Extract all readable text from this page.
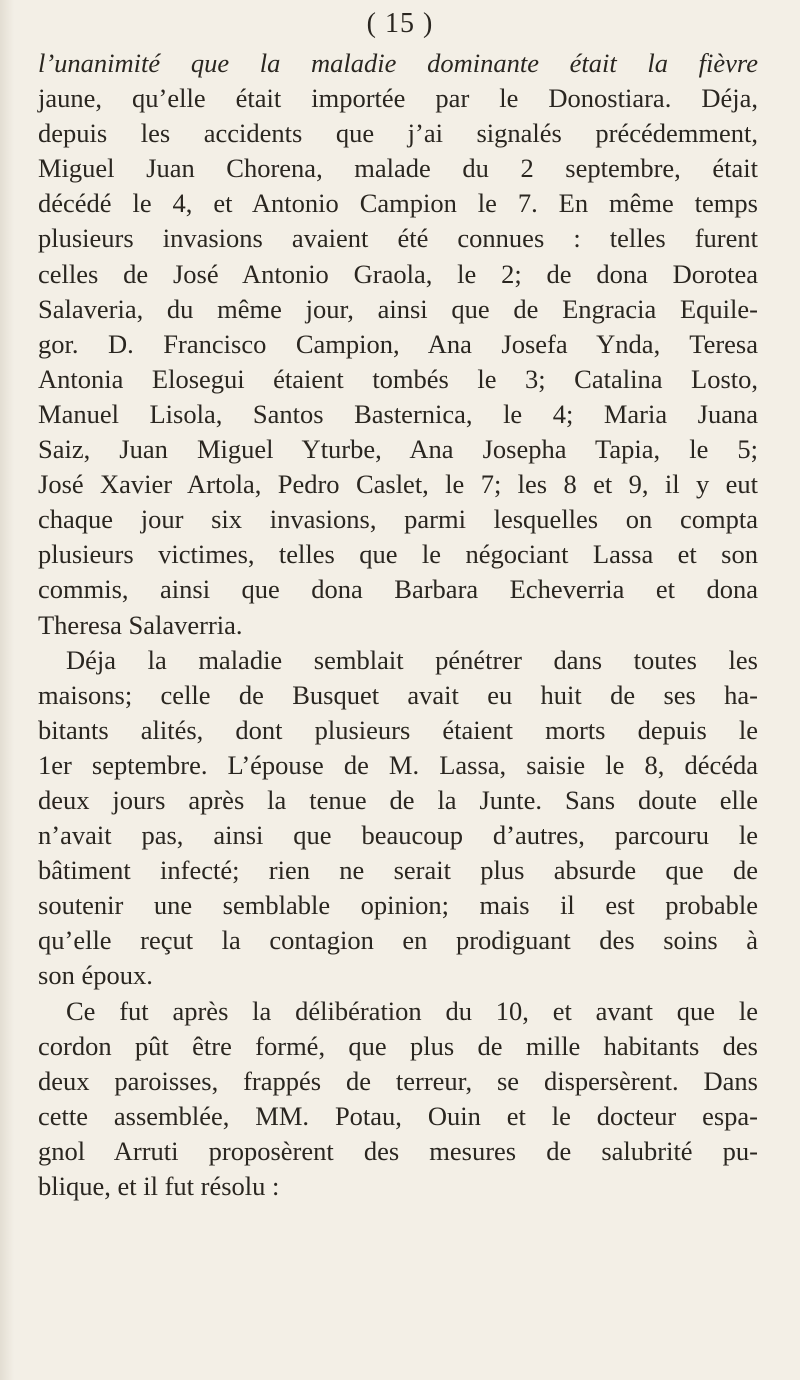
( 15 )
l’unanimité que la maladie dominante était la fièvre
jaune, qu’elle était importée par le Donostiara. Déja,
depuis les accidents que j’ai signalés précédemment,
Miguel Juan Chorena, malade du 2 septembre, était
décédé le 4, et Antonio Campion le 7. En même temps
plusieurs invasions avaient été connues : telles furent
celles de José Antonio Graola, le 2; de dona Dorotea
Salaveria, du même jour, ainsi que de Engracia Equile-
gor. D. Francisco Campion, Ana Josefa Ynda, Teresa
Antonia Elosegui étaient tombés le 3; Catalina Losto,
Manuel Lisola, Santos Basternica, le 4; Maria Juana
Saiz, Juan Miguel Yturbe, Ana Josepha Tapia, le 5;
José Xavier Artola, Pedro Caslet, le 7; les 8 et 9, il y eut
chaque jour six invasions, parmi lesquelles on compta
plusieurs victimes, telles que le négociant Lassa et son
commis, ainsi que dona Barbara Echeverria et dona
Theresa Salaverria.
Déja la maladie semblait pénétrer dans toutes les
maisons; celle de Busquet avait eu huit de ses ha-
bitants alités, dont plusieurs étaient morts depuis le
1er septembre. L’épouse de M. Lassa, saisie le 8, décéda
deux jours après la tenue de la Junte. Sans doute elle
n’avait pas, ainsi que beaucoup d’autres, parcouru le
bâtiment infecté; rien ne serait plus absurde que de
soutenir une semblable opinion; mais il est probable
qu’elle reçut la contagion en prodiguant des soins à
son époux.
Ce fut après la délibération du 10, et avant que le
cordon pût être formé, que plus de mille habitants des
deux paroisses, frappés de terreur, se dispersèrent. Dans
cette assemblée, MM. Potau, Ouin et le docteur espa-
gnol Arruti proposèrent des mesures de salubrité pu-
blique, et il fut résolu :
